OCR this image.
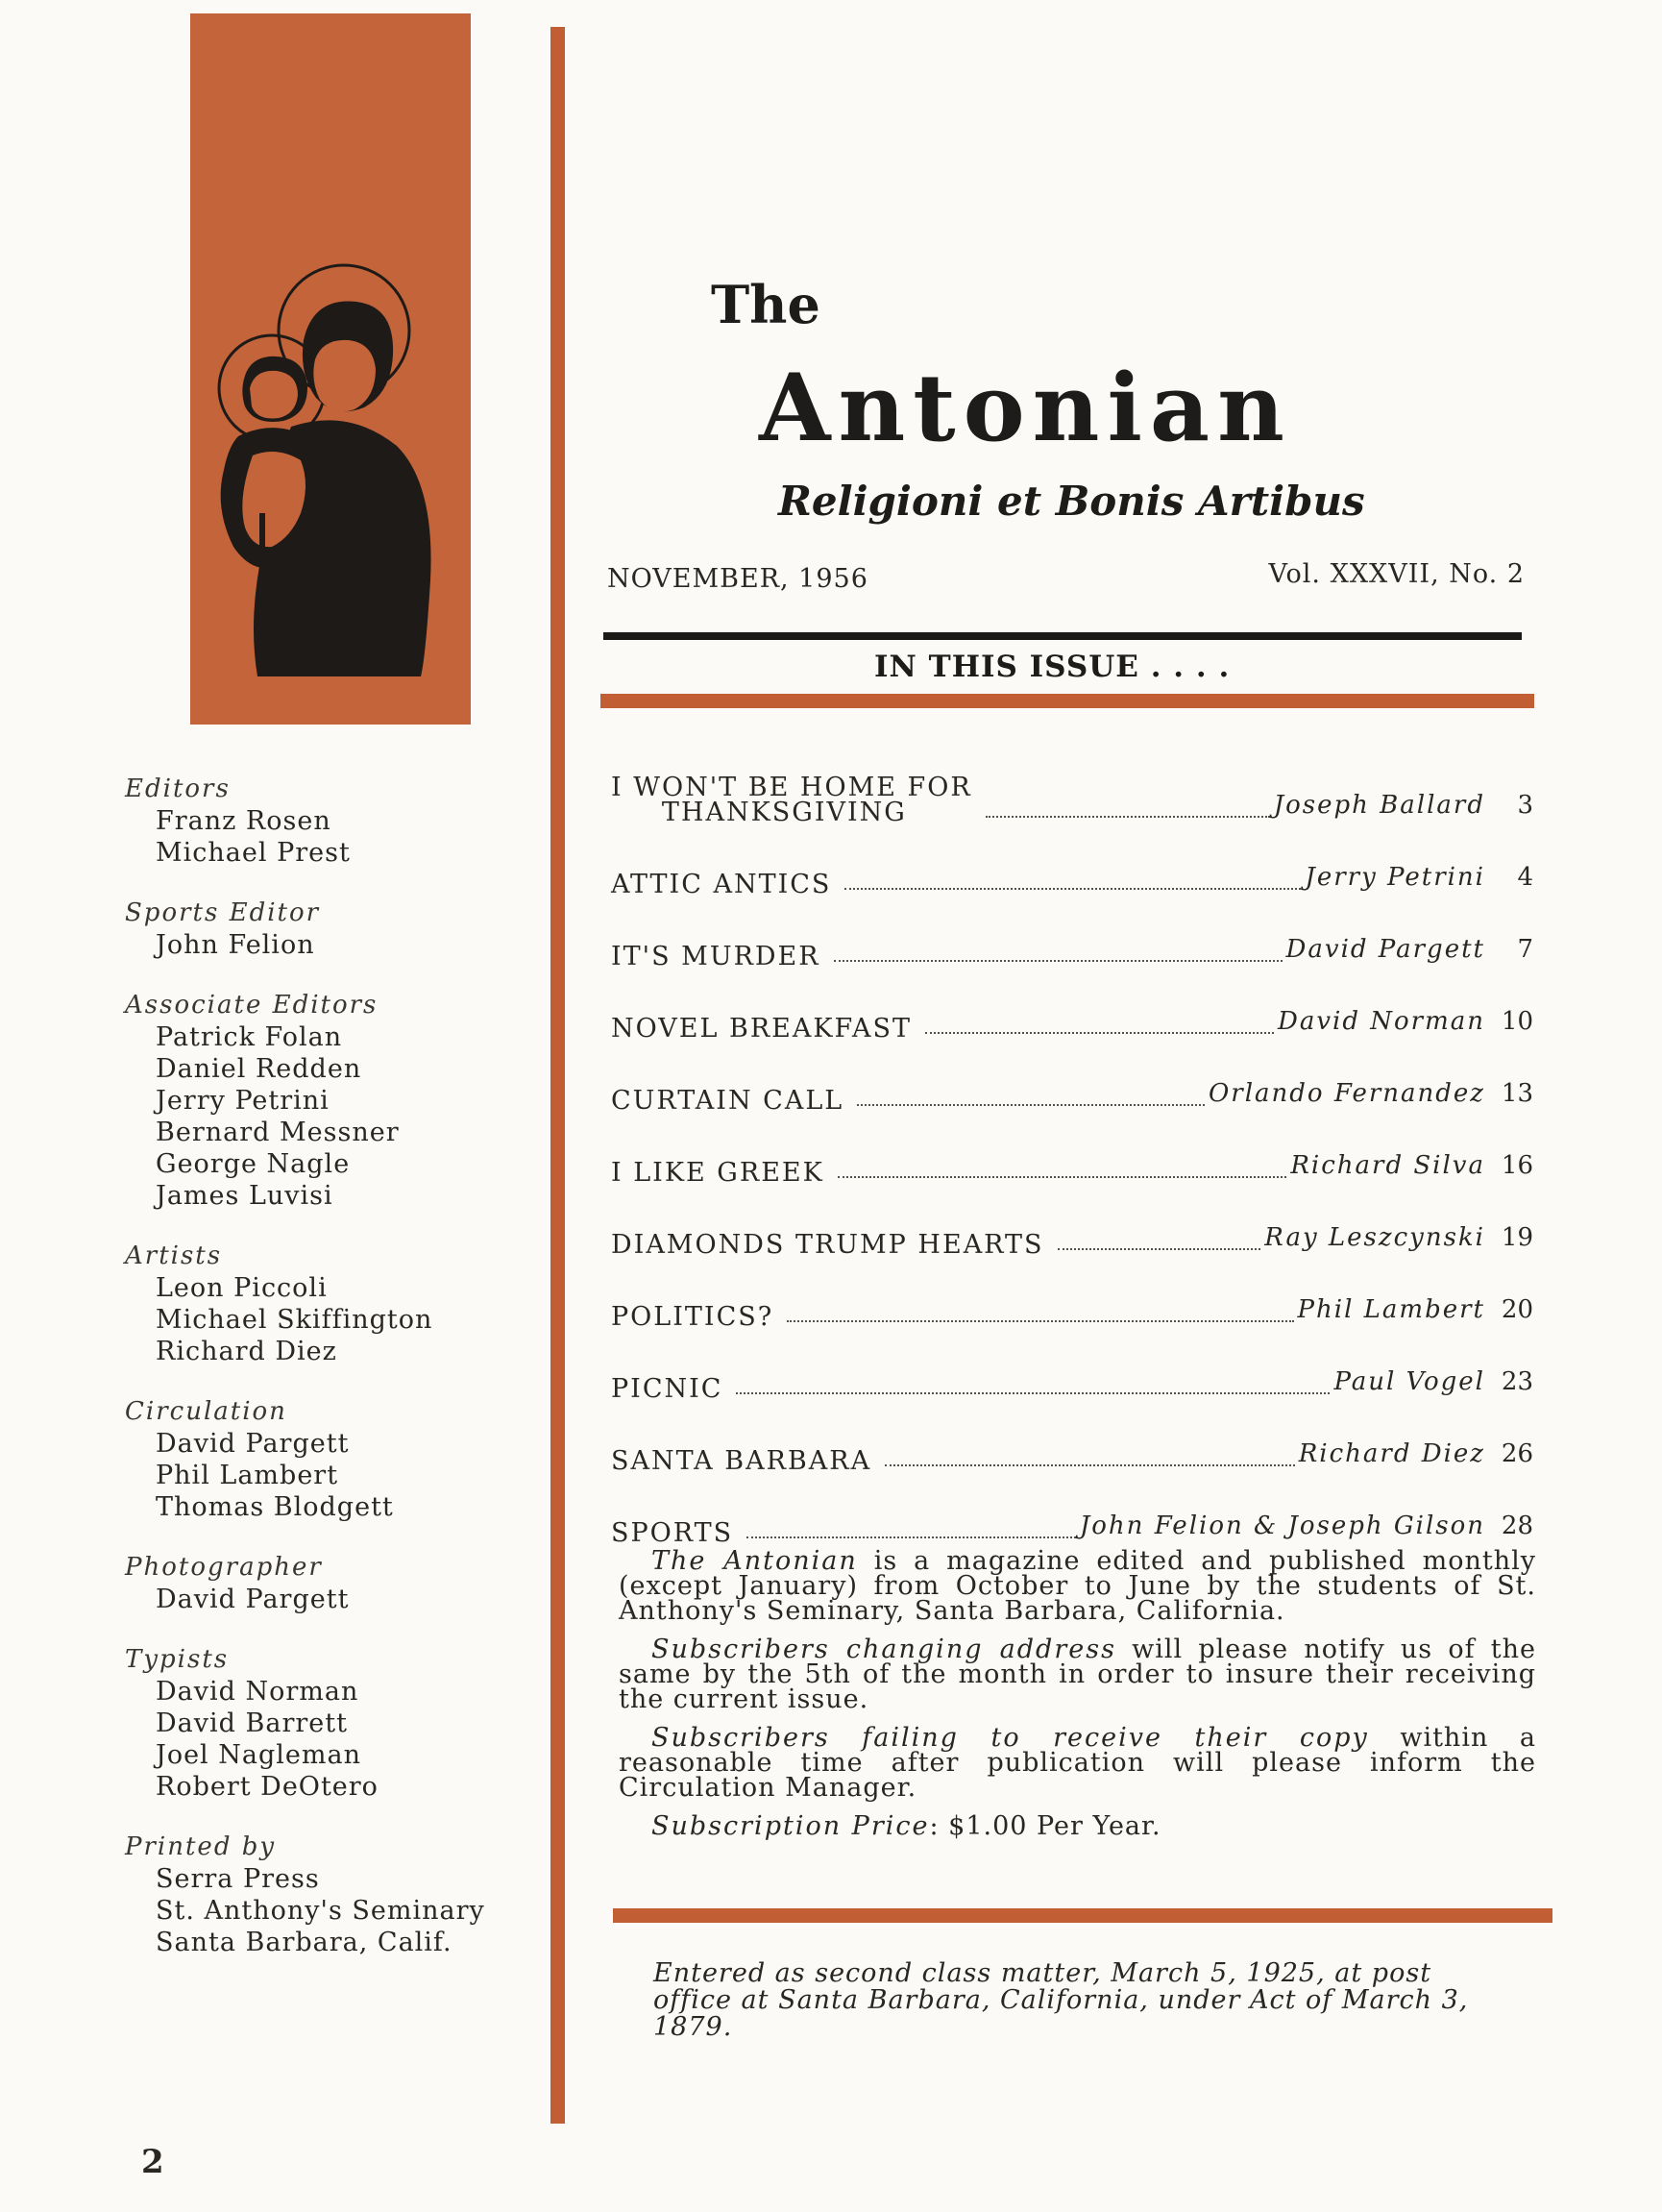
Editors
Franz Rosen
Michael Prest
Sports Editor
John Felion
Associate Editors
Patrick Folan
Daniel Redden
Jerry Petrini
Bernard Messner
George Nagle
James Luvisi
Artists
Leon Piccoli
Michael Skiffington
Richard Diez
Circulation
David Pargett
Phil Lambert
Thomas Blodgett
Photographer
David Pargett
Typists
David Norman
David Barrett
Joel Nagleman
Robert DeOtero
Printed by
Serra Press
St. Anthony's Seminary
Santa Barbara, Calif.
2
The
Antonian
Religioni et Bonis Artibus
NOVEMBER, 1956	Vol. XXXVII, No. 2
IN THIS ISSUE . . . .
I WON'T BE HOME FOR
THANKSGIVING	Joseph Ballard	3
ATTIC ANTICS	Jerry Petrini	4
IT'S MURDER	David Pargett	7
NOVEL BREAKFAST	David Norman 10
CURTAIN CALL	Orlando Fernandez 13
I LIKE GREEK	Richard Silva 16
DIAMONDS TRUMP HEARTS	Ray Leszcynski 19
POLITICS?	Phil Lambert 20
PICNIC	Paul Vogel 23
SANTA BARBARA	Richard Diez 26
SPORTS	John Felion & Joseph Gilson 28

The Antonian is a magazine edited and published monthly (except January) from October to June by the students of St. Anthony's Seminary, Santa Barbara, California.

Subscribers changing address will please notify us of the same by the 5th of the month in order to insure their receiving the current issue.

Subscribers failing to receive their copy within a reasonable time after publication will please inform the Circulation Manager.

Subscription Price: $1.00 Per Year.

Entered as second class matter, March 5, 1925, at post office at Santa Barbara, California, under Act of March 3, 1879.
